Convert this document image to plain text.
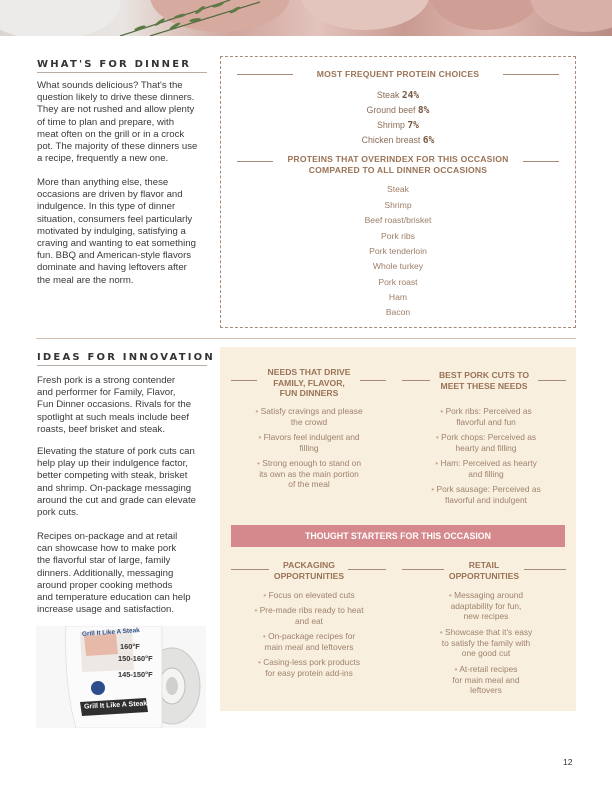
WHAT'S FOR DINNER
What sounds delicious? That's the
question likely to drive these dinners.
They are not rushed and allow plenty
of time to plan and prepare, with
meat often on the grill or in a crock
pot. The majority of these dinners use
a recipe, frequently a new one.
More than anything else, these
occasions are driven by flavor and
indulgence. In this type of dinner
situation, consumers feel particularly
motivated by indulging, satisfying a
craving and wanting to eat something
fun. BBQ and American-style flavors
dominate and having leftovers after
the meal are the norm.
MOST FREQUENT PROTEIN CHOICES
Steak 24%
Ground beef 8%
Shrimp 7%
Chicken breast 6%
PROTEINS THAT OVERINDEX FOR THIS OCCASION
COMPARED TO ALL DINNER OCCASIONS
Steak
Shrimp
Beef roast/brisket
Pork ribs
Pork tenderloin
Whole turkey
Pork roast
Ham
Bacon
IDEAS FOR INNOVATION
Fresh pork is a strong contender
and performer for Family, Flavor,
Fun Dinner occasions. Rivals for the
spotlight at such meals include beef
roasts, beef brisket and steak.
Elevating the stature of pork cuts can
help play up their indulgence factor,
better competing with steak, brisket
and shrimp. On-package messaging
around the cut and grade can elevate
pork cuts.
Recipes on-package and at retail
can showcase how to make pork
the flavorful star of large, family
dinners. Additionally, messaging
around proper cooking methods
and temperature education can help
increase usage and satisfaction.
Grill It Like A Steak
160°F
150-160°F
145-150°F
Grill It Like A Steak
NEEDS THAT DRIVE
FAMILY, FLAVOR,
FUN DINNERS
• Satisfy cravings and please
the crowd
• Flavors feel indulgent and
filling
• Strong enough to stand on
its own as the main portion
of the meal
BEST PORK CUTS TO
MEET THESE NEEDS
• Pork ribs: Perceived as
flavorful and fun
• Pork chops: Perceived as
hearty and filling
• Ham: Perceived as hearty
and filling
• Pork sausage: Perceived as
flavorful and indulgent
THOUGHT STARTERS FOR THIS OCCASION
PACKAGING
OPPORTUNITIES
• Focus on elevated cuts
• Pre-made ribs ready to heat
and eat
• On-package recipes for
main meal and leftovers
• Casing-less pork products
for easy protein add-ins
RETAIL
OPPORTUNITIES
• Messaging around
adaptability for fun,
new recipes
• Showcase that it's easy
to satisfy the family with
one good cut
• At-retail recipes
for main meal and
leftovers
12
